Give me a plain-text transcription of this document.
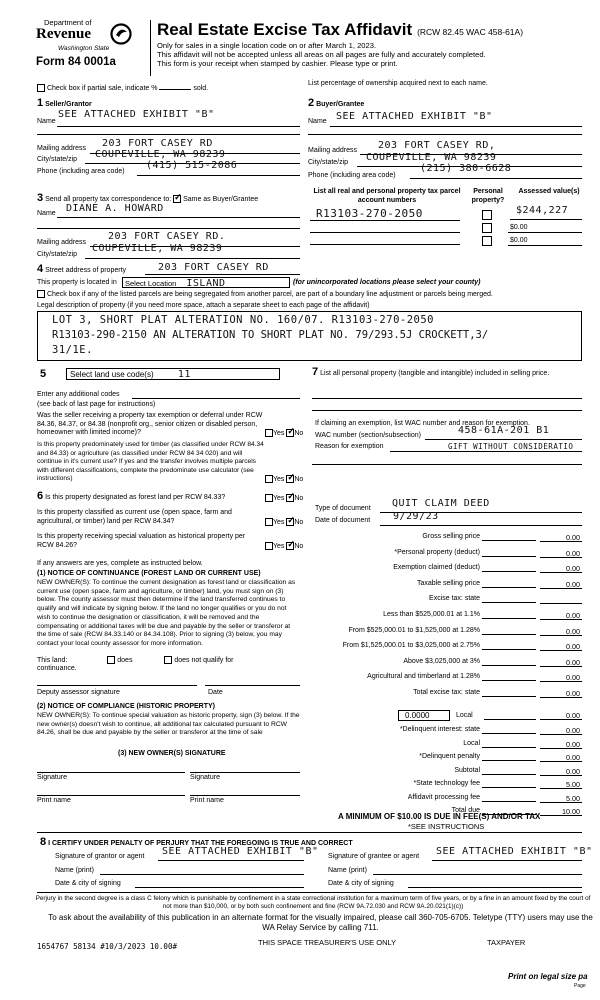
Department of
Revenue
Washington State
Form 84 0001a
Real Estate Excise Tax Affidavit (RCW 82.45 WAC 458-61A)
Only for sales in a single location code on or after March 1, 2023.
This affidavit will not be accepted unless all areas on all pages are fully and accurately completed.
This form is your receipt when stamped by cashier. Please type or print.
Check box if partial sale, indicate %	sold.
List percentage of ownership acquired next to each name.
1 Seller/Grantor
Name
SEE ATTACHED EXHIBIT "B"
2 Buyer/Grantee
Name SEE ATTACHED EXHIBIT "B"
Mailing address 203 FORT CASEY RD
City/state/zip COUPEVILLE, WA 98239
Phone (including area code)
(415) 515-2086
Mailing address 203 FORT CASEY RD,
City/state/zip COUPEVILLE, WA 98239
Phone (including area code)
(215) 380-6628
3 Send all property tax correspondence to: ✓ Same as Buyer/Grantee
Name DIANE A. HOWARD
Mailing address
203 FORT CASEY RD.
City/state/zip
COUPEVILLE, WA 98239
List all real and personal property tax parcel account numbers
Personal property?
Assessed value(s)
R13103-270-2050	$244,227
$0.00
$0.00
4 Street address of property	203 FORT CASEY RD
This property is located in	Select Location ISLAND	(for unincorporated locations please select your county)
Check box if any of the listed parcels are being segregated from another parcel, are part of a boundary line adjustment or parcels being merged.
Legal description of property (if you need more space, attach a separate sheet to each page of the affidavit)
LOT 3, SHORT PLAT ALTERATION NO. 160/07. R13103-270-2050
R13103-290-2150 AN ALTERATION TO SHORT PLAT NO. 79/293.5J CROCKETT,3/
31/1E.
5	Select land use code(s) 11
Enter any additional codes
(see back of last page for instructions)
Was the seller receiving a property tax exemption or deferral under RCW 84.36, 84.37, or 84.38 (nonprofit org., senior citizen or disabled person, homeowner with limited income)?	Yes ✓ No
Is this property predominately used for timber (as classified under RCW 84.34 and 84.33) or agriculture (as classified under RCW 84 34 020) and will continue in it's current use? If yes and the transfer involves multiple parcels with different classifications, complete the predominate use calculator (see instructions)	Yes ✓ No
6 Is this property designated as forest land per RCW 84.33?	Yes ✓ No
Is this property classified as current use (open space, farm and agricultural, or timber) land per RCW 84.34?	Yes ✓ No
Is this property receiving special valuation as historical property per RCW 84.26?	Yes ✓ No
If any answers are yes, complete as instructed below.
(1) NOTICE OF CONTINUANCE (FOREST LAND OR CURRENT USE)
NEW OWNER(S): To continue the current designation as forest land or classification as current use (open space, farm and agriculture, or timber) land, you must sign on (3) below. The county assessor must then determine if the land transferred continues to qualify and will indicate by signing below. If the land no longer qualifies or you do not wish to continue the designation or classification, it will be removed and the compensating or additional taxes will be due and payable by the seller or transferor at the time of sale (RCW 84.33.140 or 84.34.108). Prior to signing (3) below, you may contact your local county assessor for more information.
This land:	does	does not qualify for
continuance.
Deputy assessor signature	Date
(2) NOTICE OF COMPLIANCE (HISTORIC PROPERTY)
NEW OWNER(S): To continue special valuation as historic property, sign (3) below. If the new owner(s) doesn't wish to continue, all additional tax calculated pursuant to RCW 84.26, shall be due and payable by the seller or transferor at the time of sale
(3) NEW OWNER(S) SIGNATURE
Signature	Signature
Print name	Print name
7 List all personal property (tangible and intangible) included in selling price.
If claiming an exemption, list WAC number and reason for exemption.
WAC number (section/subsection)	458-61A-201 B1
Reason for exemption	GIFT WITHOUT CONSIDERATIO
Type of document QUIT CLAIM DEED
Date of document 9/29/23
Gross selling price	0.00
*Personal property (deduct)	0.00
Exemption claimed (deduct)	0.00
Taxable selling price	0.00
Excise tax: state
Less than $525,000.01 at 1.1%	0.00
From $525,000.01 to $1,525,000 at 1.28%	0.00
From $1,525,000.01 to $3,025,000 at 2.75%	0.00
Above $3,025,000 at 3%	0.00
Agricultural and timberland at 1.28%	0.00
Total excise tax: state	0.00
0.0000	Local	0.00
*Delinquent interest: state	0.00
Local	0.00
*Delinquent penalty	0.00
Subtotal	0.00
*State technology fee	5.00
Affidavit processing fee	5.00
Total due	10.00
A MINIMUM OF $10.00 IS DUE IN FEE(S) AND/OR TAX
*SEE INSTRUCTIONS
8 I CERTIFY UNDER PENALTY OF PERJURY THAT THE FOREGOING IS TRUE AND CORRECT
Signature of grantor or agent SEE ATTACHED EXHIBIT "B" Signature of grantee or agent SEE ATTACHED EXHIBIT "B"
Name (print)	Name (print)
Date & city of signing	Date & city of signing
Perjury in the second degree is a class C felony which is punishable by confinement in a state correctional institution for a maximum term of five years, or by a fine in an amount fixed by the court of not more than $10,000, or by both such confinement and fine (RCW 9A.72.030 and RCW 9A.20.021(1)(c))
To ask about the availability of this publication in an alternate format for the visually impaired, please call 360-705-6705. Teletype (TTY) users may use the WA Relay Service by calling 711.
1654767 58134 #10/3/2023 10.00#	THIS SPACE TREASURER'S USE ONLY	TAXPAYER
Print on legal size pa
Page
